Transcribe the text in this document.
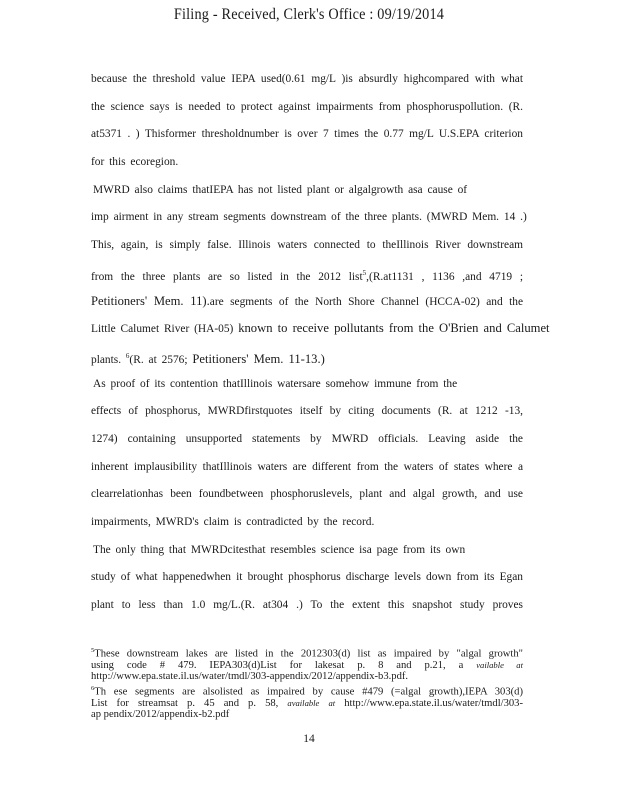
Filing - Received, Clerk's Office : 09/19/2014
because the threshold value IEPA used(0.61 mg/L )is absurdly highcompared with what
the science says is needed to protect against impairments from phosphoruspollution. (R.
at5371 . ) Thisformer thresholdnumber is over 7 times the 0.77 mg/L U.S.EPA criterion
for this ecoregion.
MWRD also claims thatIEPA has not listed plant or algalgrowth asa cause of
imp airment in any stream segments downstream of the three plants. (MWRD Mem. 14 .)
This, again, is simply false. Illinois waters connected to theIllinois River downstream
from the three plants are so listed in the 2012 list$^5$,(R.at1131 , 1136 ,and 4719 ;
Petitioners' Mem. 11).are segments of the North Shore Channel (HCCA-02) and the
Little Calumet River (HA-05) known to receive pollutants from the O'Brien and Calumet
plants. $^6$(R. at 2576; Petitioners' Mem. 11-13.)
As proof of its contention thatIllinois watersare somehow immune from the
effects of phosphorus, MWRDfirstquotes itself by citing documents (R. at 1212 -13,
1274) containing unsupported statements by MWRD officials. Leaving aside the
inherent implausibility thatIllinois waters are different from the waters of states where a
clearrelationhas been foundbetween phosphoruslevels, plant and algal growth, and use
impairments, MWRD's claim is contradicted by the record.
The only thing that MWRDcitesthat resembles science isa page from its own
study of what happenedwhen it brought phosphorus discharge levels down from its Egan
plant to less than 1.0 mg/L.(R. at304 .) To the extent this snapshot study proves
$^5$These downstream lakes are listed in the 2012303(d) list as impaired by "algal growth"
using code # 479. IEPA303(d)List for lakesat p. 8 and p.21, a vailable at
http://www.epa.state.il.us/water/tmdl/303-appendix/2012/appendix-b3.pdf.
$^6$Th ese segments are alsolisted as impaired by cause #479 (=algal growth),IEPA 303(d)
List for streamsat p. 45 and p. 58, available at http://www.epa.state.il.us/water/tmdl/303-
ap pendix/2012/appendix-b2.pdf
14
